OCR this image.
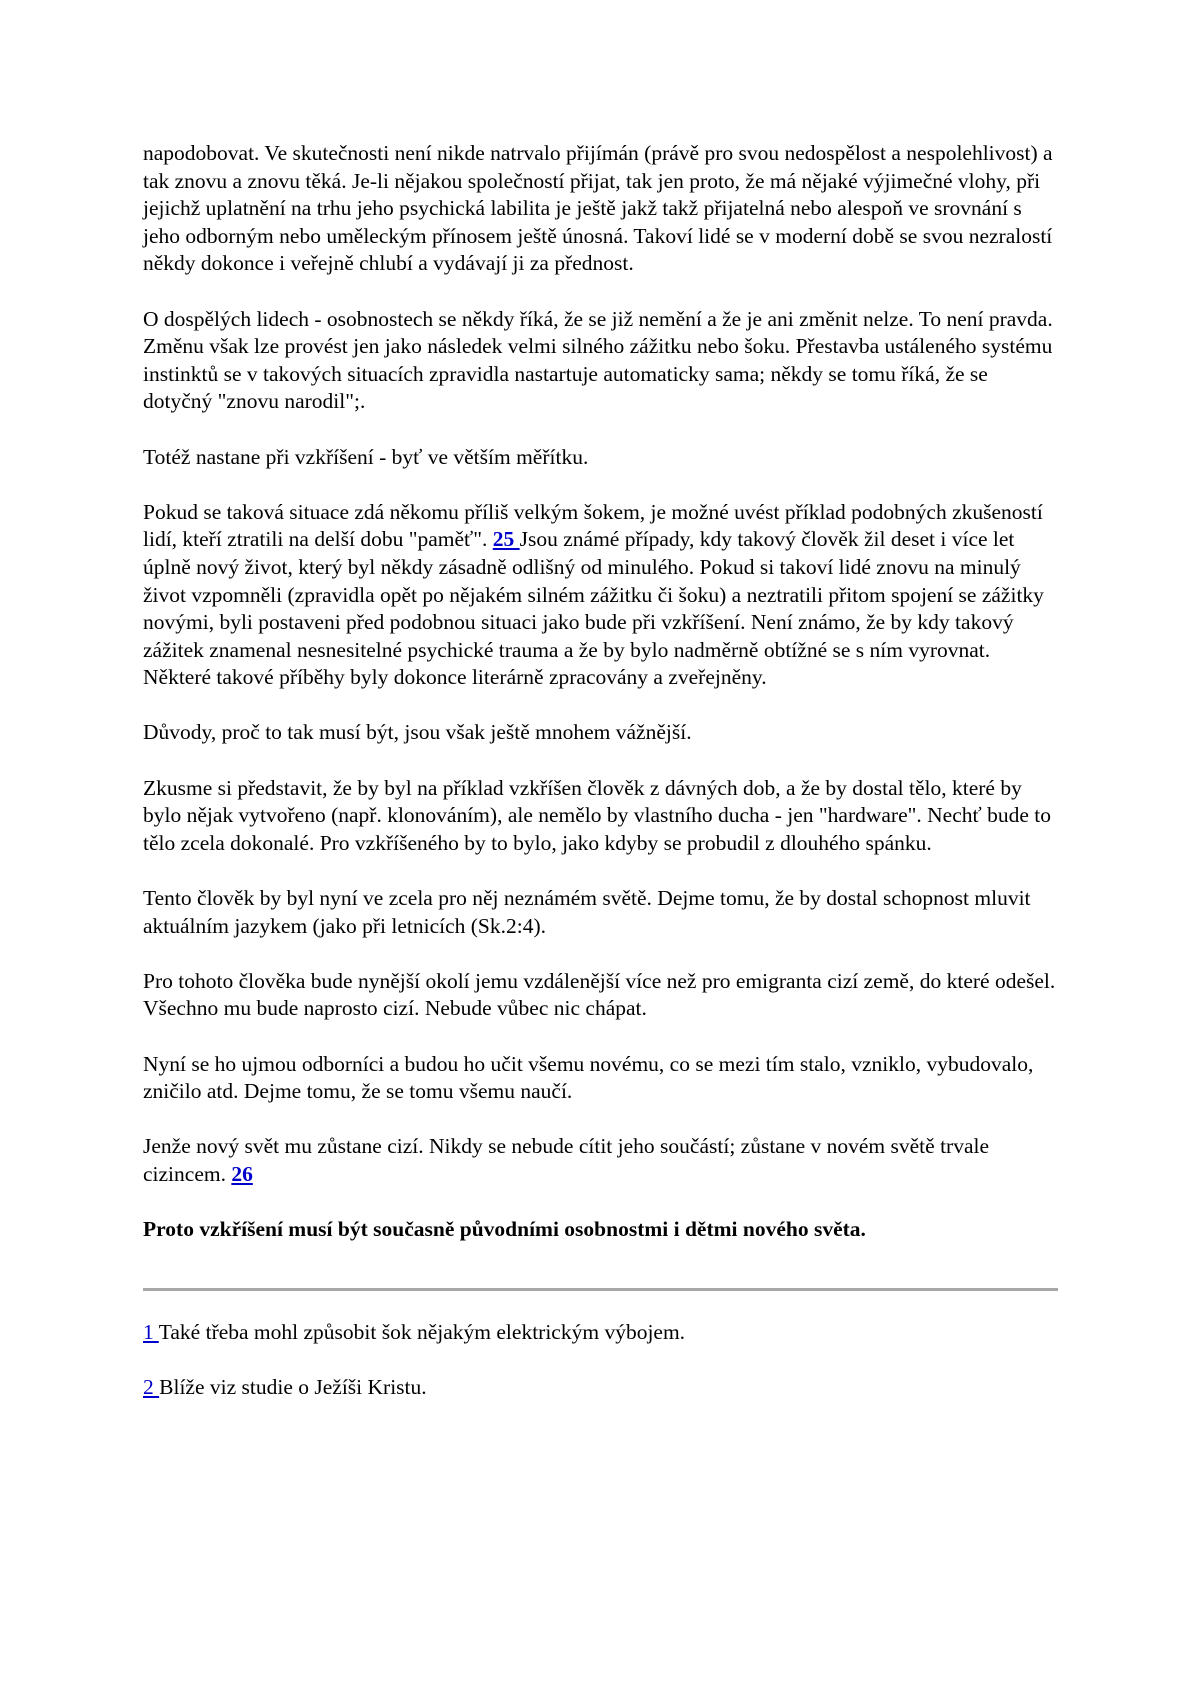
napodobovat. Ve skutečnosti není nikde natrvalo přijímán (právě pro svou nedospělost a nespolehlivost) a tak znovu a znovu těká. Je-li nějakou společností přijat, tak jen proto, že má nějaké výjimečné vlohy, při jejichž uplatnění na trhu jeho psychická labilita je ještě jakž takž přijatelná nebo alespoň ve srovnání s jeho odborným nebo uměleckým přínosem ještě únosná. Takoví lidé se v moderní době se svou nezralostí někdy dokonce i veřejně chlubí a vydávají ji za přednost.

O dospělých lidech - osobnostech se někdy říká, že se již nemění a že je ani změnit nelze. To není pravda. Změnu však lze provést jen jako následek velmi silného zážitku nebo šoku. Přestavba ustáleného systému instinktů se v takových situacích zpravidla nastartuje automaticky sama; někdy se tomu říká, že se dotyčný "znovu narodil";.

Totéž nastane při vzkříšení - byť ve větším měřítku.

Pokud se taková situace zdá někomu příliš velkým šokem, je možné uvést příklad podobných zkušeností lidí, kteří ztratili na delší dobu "paměť". 25 Jsou známé případy, kdy takový člověk žil deset i více let úplně nový život, který byl někdy zásadně odlišný od minulého. Pokud si takoví lidé znovu na minulý život vzpomněli (zpravidla opět po nějakém silném zážitku či šoku) a neztratili přitom spojení se zážitky novými, byli postaveni před podobnou situaci jako bude při vzkříšení. Není známo, že by kdy takový zážitek znamenal nesnesitelné psychické trauma a že by bylo nadměrně obtížné se s ním vyrovnat. Některé takové příběhy byly dokonce literárně zpracovány a zveřejněny.

Důvody, proč to tak musí být, jsou však ještě mnohem vážnější.

Zkusme si představit, že by byl na příklad vzkříšen člověk z dávných dob, a že by dostal tělo, které by bylo nějak vytvořeno (např. klonováním), ale nemělo by vlastního ducha - jen "hardware". Nechť bude to tělo zcela dokonalé. Pro vzkříšeného by to bylo, jako kdyby se probudil z dlouhého spánku.

Tento člověk by byl nyní ve zcela pro něj neznámém světě. Dejme tomu, že by dostal schopnost mluvit aktuálním jazykem (jako při letnicích (Sk.2:4).

Pro tohoto člověka bude nynější okolí jemu vzdálenější více než pro emigranta cizí země, do které odešel. Všechno mu bude naprosto cizí. Nebude vůbec nic chápat.

Nyní se ho ujmou odborníci a budou ho učit všemu novému, co se mezi tím stalo, vzniklo, vybudovalo, zničilo atd. Dejme tomu, že se tomu všemu naučí.

Jenže nový svět mu zůstane cizí. Nikdy se nebude cítit jeho součástí; zůstane v novém světě trvale cizincem. 26

Proto vzkříšení musí být současně původními osobnostmi i dětmi nového světa.

1 Také třeba mohl způsobit šok nějakým elektrickým výbojem.

2 Blíže viz studie o Ježíši Kristu.
